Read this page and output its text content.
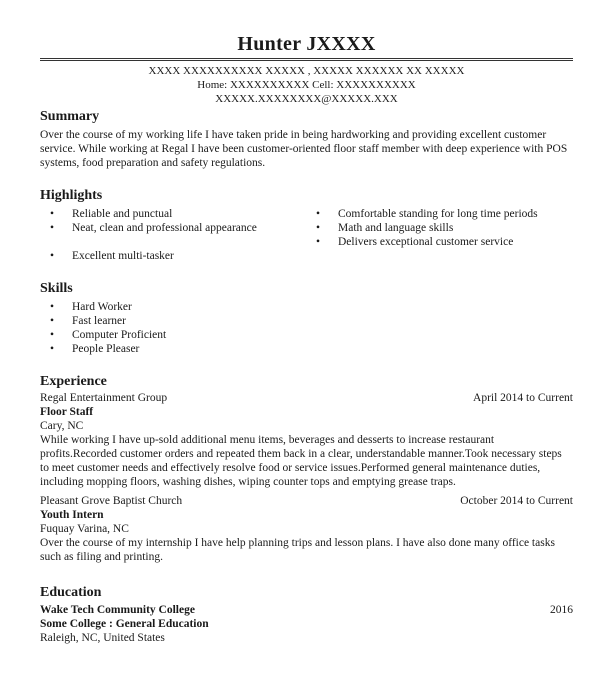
Hunter JXXXX
XXXX XXXXXXXXXX XXXXX , XXXXX XXXXXX XX XXXXX
Home: XXXXXXXXXX Cell: XXXXXXXXXX
XXXXX.XXXXXXXX@XXXXX.XXX
Summary
Over the course of my working life I have taken pride in being hardworking and providing excellent customer service. While working at Regal I have been customer-oriented floor staff member with deep experience with POS systems, food preparation and safety regulations.
Highlights
• Reliable and punctual
• Neat, clean and professional appearance
• Excellent multi-tasker
• Comfortable standing for long time periods
• Math and language skills
• Delivers exceptional customer service
Skills
• Hard Worker
• Fast learner
• Computer Proficient
• People Pleaser
Experience
Regal Entertainment Group	April 2014 to Current
Floor Staff
Cary, NC
While working I have up-sold additional menu items, beverages and desserts to increase restaurant profits.Recorded customer orders and repeated them back in a clear, understandable manner.Took necessary steps to meet customer needs and effectively resolve food or service issues.Performed general maintenance duties, including mopping floors, washing dishes, wiping counter tops and emptying grease traps.
Pleasant Grove Baptist Church	October 2014 to Current
Youth Intern
Fuquay Varina, NC
Over the course of my internship I have help planning trips and lesson plans. I have also done many office tasks such as filing and printing.
Education
Wake Tech Community College	2016
Some College : General Education
Raleigh, NC, United States
